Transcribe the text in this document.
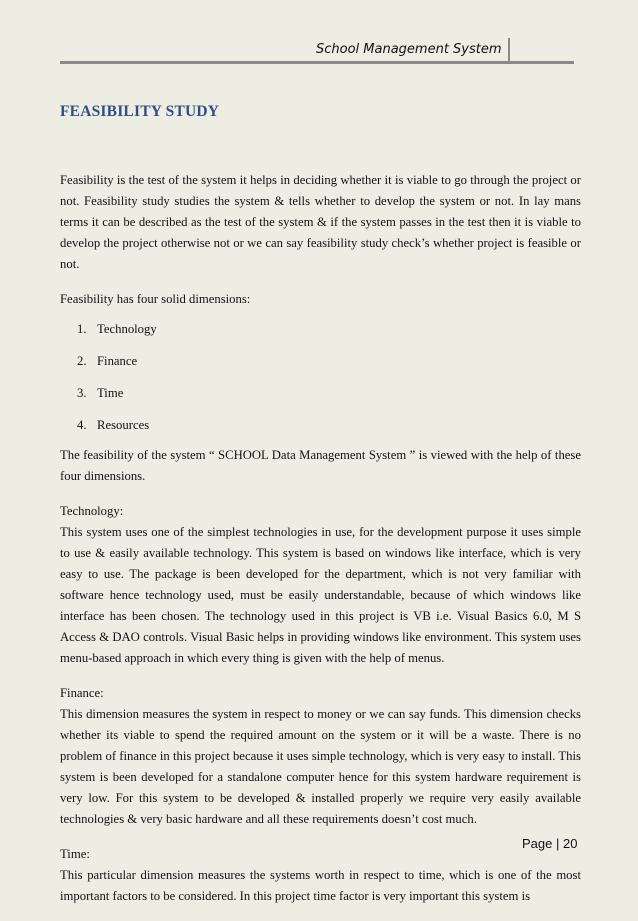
School Management System
FEASIBILITY STUDY

Feasibility is the test of the system it helps in deciding whether it is viable to go through the project or not. Feasibility study studies the system & tells whether to develop the system or not. In lay mans terms it can be described as the test of the system & if the system passes in the test then it is viable to develop the project otherwise not or we can say feasibility study check’s whether project is feasible or not.

Feasibility has four solid dimensions:

1. Technology
2. Finance
3. Time
4. Resources

The feasibility of the system “ SCHOOL Data Management System ” is viewed with the help of these four dimensions.

Technology:

This system uses one of the simplest technologies in use, for the development purpose it uses simple to use & easily available technology. This system is based on windows like interface, which is very easy to use. The package is been developed for the department, which is not very familiar with software hence technology used, must be easily understandable, because of which windows like interface has been chosen. The technology used in this project is VB i.e. Visual Basics 6.0, M S Access & DAO controls. Visual Basic helps in providing windows like environment. This system uses menu-based approach in which every thing is given with the help of menus.

Finance:

This dimension measures the system in respect to money or we can say funds. This dimension checks whether its viable to spend the required amount on the system or it will be a waste. There is no problem of finance in this project because it uses simple technology, which is very easy to install. This system is been developed for a standalone computer hence for this system hardware requirement is very low. For this system to be developed & installed properly we require very easily available technologies & very basic hardware and all these requirements doesn’t cost much.

Time:

This particular dimension measures the systems worth in respect to time, which is one of the most important factors to be considered. In this project time factor is very important this system is

Page | 20
